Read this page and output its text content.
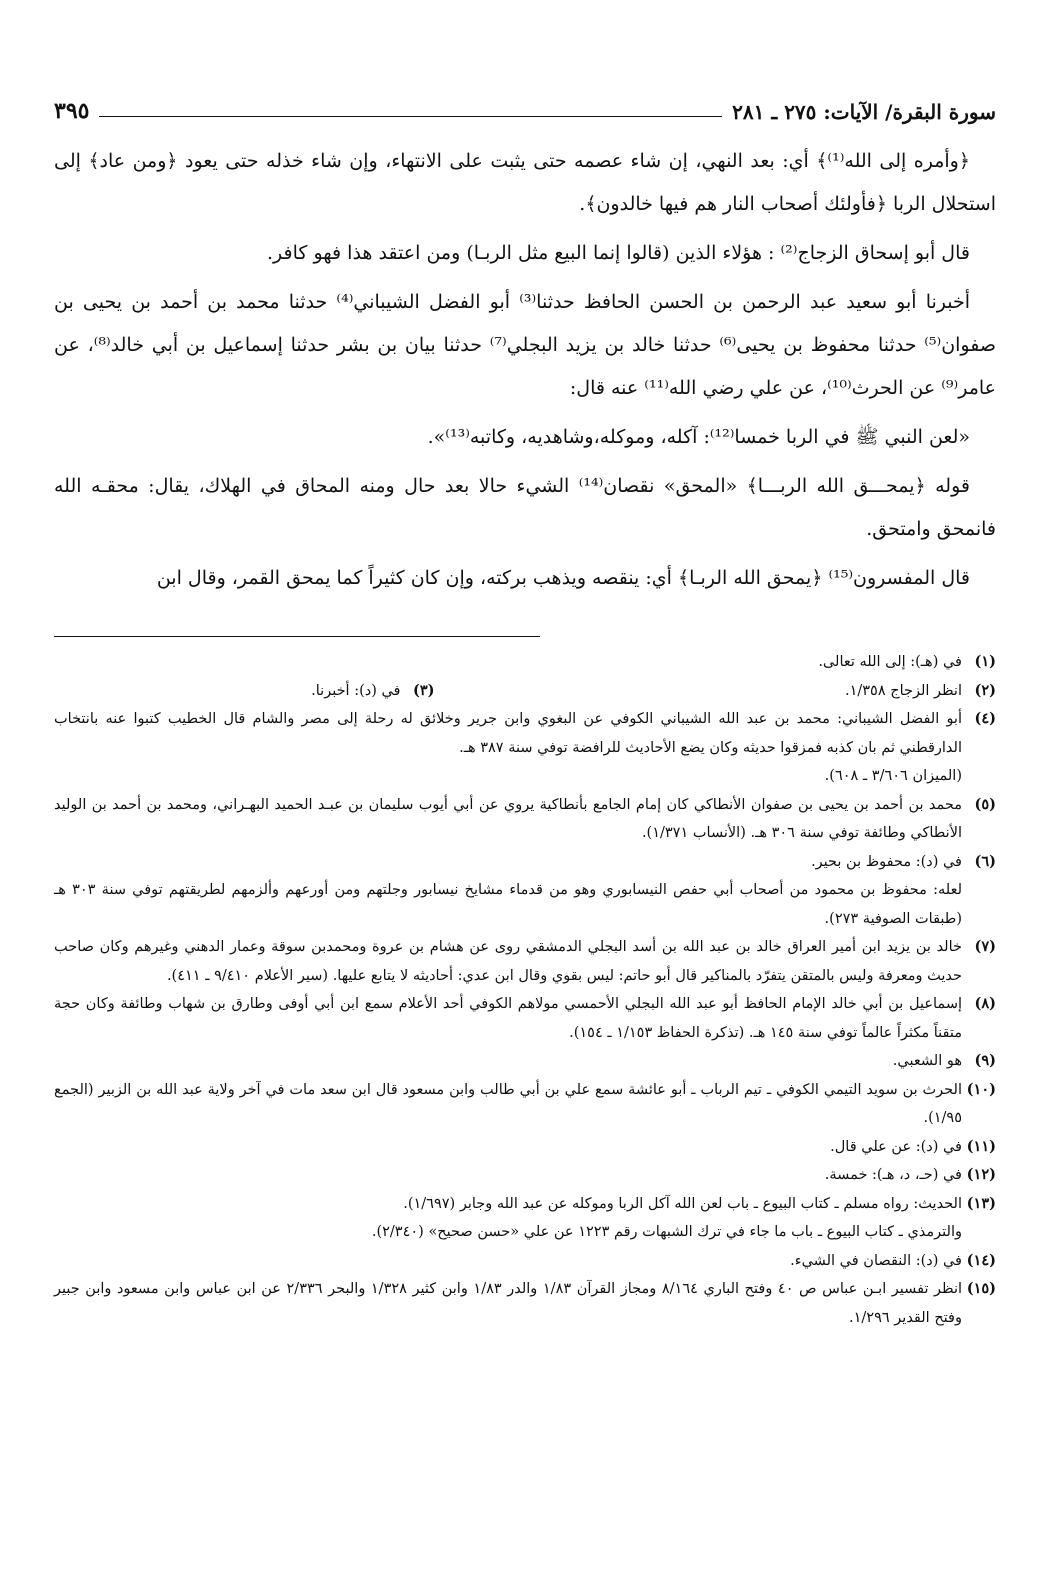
سورة البقرة/ الآيات: ٢٧٥ ـ ٢٨١
٣٩٥

﴿وأمره إلى الله⁽¹⁾﴾ أي: بعد النهي، إن شاء عصمه حتى يثبت على الانتهاء، وإن شاء خذله حتى يعود ﴿ومن عاد﴾ إلى استحلال الربا ﴿فأولئك أصحاب النار هم فيها خالدون﴾.

قال أبو إسحاق الزجاج⁽²⁾ : هؤلاء الذين (قالوا إنما البيع مثل الربـا) ومن اعتقد هذا فهو كافر.

أخبرنا أبو سعيد عبد الرحمن بن الحسن الحافظ حدثنا⁽³⁾ أبو الفضل الشيباني⁽⁴⁾ حدثنا محمد بن أحمد بن يحيى بن صفوان⁽⁵⁾ حدثنا محفوظ بن يحيى⁽⁶⁾ حدثنا خالد بن يزيد البجلي⁽⁷⁾ حدثنا بيان بن بشر حدثنا إسماعيل بن أبي خالد⁽⁸⁾، عن عامر⁽⁹⁾ عن الحرث⁽¹⁰⁾، عن علي رضي الله⁽¹¹⁾ عنه قال:

«لعن النبي ﷺ في الربا خمسا⁽¹²⁾: آكله، وموكله،وشاهديه، وكاتبه⁽¹³⁾».

قوله ﴿يمحـــق الله الربـــا﴾ «المحق» نقصان⁽¹⁴⁾ الشيء حالا بعد حال ومنه المحاق في الهلاك، يقال: محقـه الله فانمحق وامتحق.

قال المفسرون⁽¹⁵⁾ ﴿يمحق الله الربـا﴾ أي: ينقصه ويذهب بركته، وإن كان كثيراً كما يمحق القمر، وقال ابن

(١)في (هـ): إلى الله تعالى.

(٢)انظر الزجاج ١/٣٥٨.

(٣)في (د): أخبرنا.

(٤)أبو الفضل الشيباني: محمد بن عبد الله الشيباني الكوفي عن البغوي وابن جرير وخلائق له رحلة إلى مصر والشام قال الخطيب كتبوا عنه بانتخاب الدارقطني ثم بان كذبه فمزقوا حديثه وكان يضع الأحاديث للرافضة توفي سنة ٣٨٧ هـ.

(الميزان ٣/٦٠٦ ـ ٦٠٨).

(٥)محمد بن أحمد بن يحيى بن صفوان الأنطاكي كان إمام الجامع بأنطاكية يروي عن أبي أيوب سليمان بن عبـد الحميد البهـراني، ومحمد بن أحمد بن الوليد الأنطاكي وطائفة توفي سنة ٣٠٦ هـ. (الأنساب ١/٣٧١).

(٦)في (د): محفوظ بن بحير.

لعله: محفوظ بن محمود من أصحاب أبي حفص النيسابوري وهو من قدماء مشايخ نيسابور وجلتهم ومن أورعهم وألزمهم لطريقتهم توفي سنة ٣٠٣ هـ (طبقات الصوفية ٢٧٣).

(٧)خالد بن يزيد ابن أمير العراق خالد بن عبد الله بن أسد البجلي الدمشقي روى عن هشام بن عروة ومحمدبن سوقة وعمار الدهني وغيرهم وكان صاحب حديث ومعرفة وليس بالمتقن يتفرّد بالمناكير قال أبو حاتم: ليس بقوي وقال ابن عدي: أحاديثه لا يتابع عليها. (سير الأعلام ٩/٤١٠ ـ ٤١١).

(٨)إسماعيل بن أبي خالد الإمام الحافظ أبو عبد الله البجلي الأحمسي مولاهم الكوفي أحد الأعلام سمع ابن أبي أوفى وطارق بن شهاب وطائفة وكان حجة متقناً مكثراً عالماً توفي سنة ١٤٥ هـ. (تذكرة الحفاظ ١/١٥٣ ـ ١٥٤).

(٩)هو الشعبي.

(١٠)الحرث بن سويد التيمي الكوفي ـ تيم الرباب ـ أبو عائشة سمع علي بن أبي طالب وابن مسعود قال ابن سعد مات في آخر ولاية عبد الله بن الزبير (الجمع ١/٩٥).

(١١)في (د): عن علي قال.

(١٢)في (حـ، د، هـ): خمسة.

(١٣)الحديث: رواه مسلم ـ كتاب البيوع ـ باب لعن الله آكل الربا وموكله عن عبد الله وجابر (١/٦٩٧).

والترمذي ـ كتاب البيوع ـ باب ما جاء في ترك الشبهات رقم ١٢٢٣ عن علي «حسن صحيح» (٢/٣٤٠).

(١٤)في (د): النقصان في الشيء.

(١٥)انظر تفسير ابـن عباس ص ٤٠ وفتح الباري ٨/١٦٤ ومجاز القرآن ١/٨٣ والدر ١/٨٣ وابن كثير ١/٣٢٨ والبحر ٢/٣٣٦ عن ابن عباس وابن مسعود وابن جبير وفتح القدير ١/٢٩٦.
